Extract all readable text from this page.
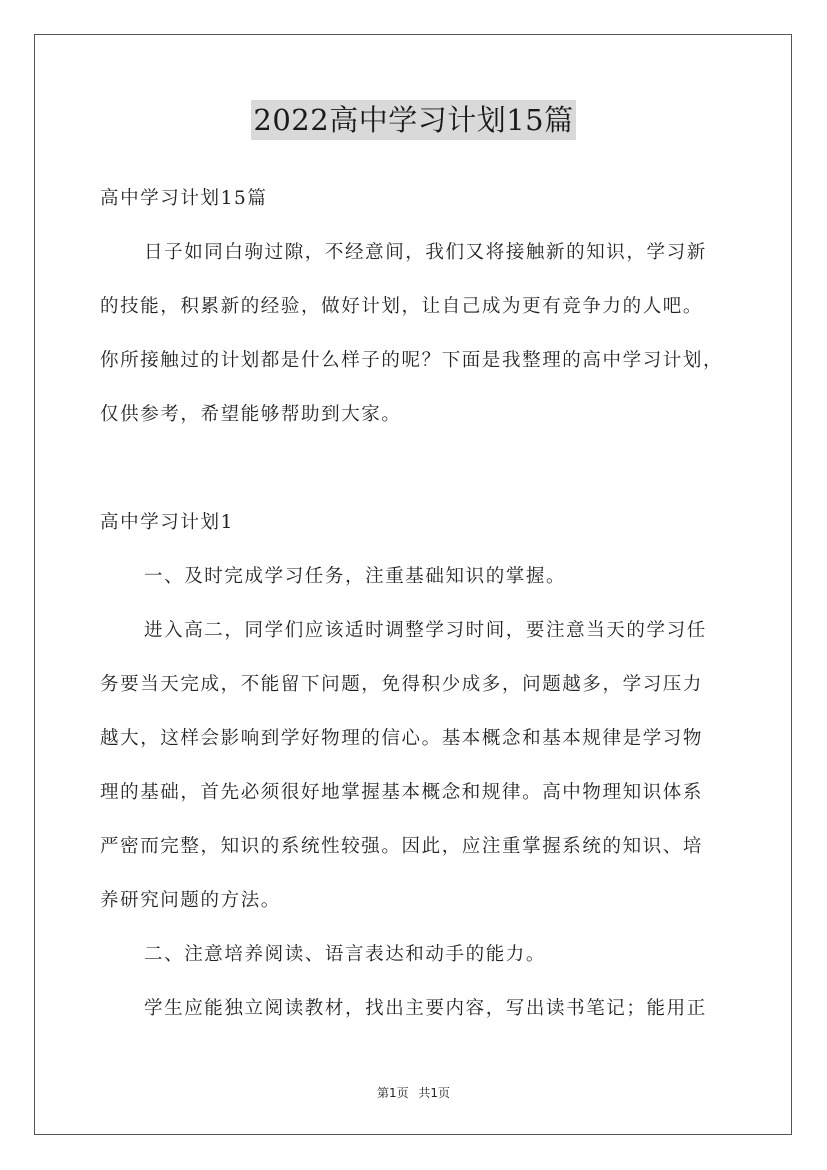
2022高中学习计划15篇
高中学习计划15篇
日子如同白驹过隙，不经意间，我们又将接触新的知识，学习新
的技能，积累新的经验，做好计划，让自己成为更有竞争力的人吧。
你所接触过的计划都是什么样子的呢？下面是我整理的高中学习计划，
仅供参考，希望能够帮助到大家。
高中学习计划1
一、及时完成学习任务，注重基础知识的掌握。
进入高二，同学们应该适时调整学习时间，要注意当天的学习任
务要当天完成，不能留下问题，免得积少成多，问题越多，学习压力
越大，这样会影响到学好物理的信心。基本概念和基本规律是学习物
理的基础，首先必须很好地掌握基本概念和规律。高中物理知识体系
严密而完整，知识的系统性较强。因此，应注重掌握系统的知识、培
养研究问题的方法。
二、注意培养阅读、语言表达和动手的能力。
学生应能独立阅读教材，找出主要内容，写出读书笔记；能用正
第1页 共1页
